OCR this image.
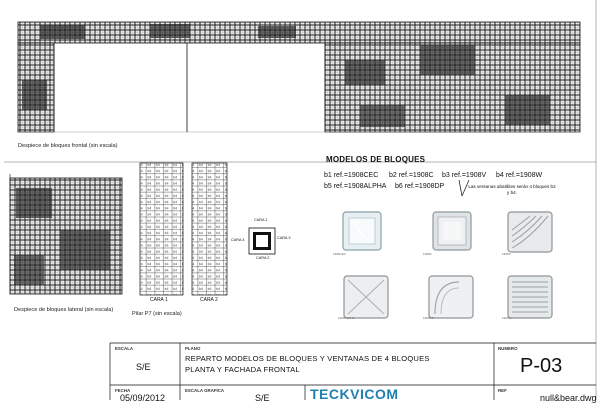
Despiece de bloques frontal (sin escala)
Despiece de bloques lateral (sin escala)
Pilar P7 (sin escala)
CARA 1	CARA 2
CARA 1
CARA 4	CARA 3
CARA 2
MODELOS DE BLOQUES
b1 ref.=1908CEC b2 ref.=1908C b3 ref.=1908V b4 ref.=1908W
b5 ref.=1908ALPHA b6 ref.=1908DP	Las ventanas abatibles serán 4 bloques b2 y b4.
1908CEC	1908C	1908V
1908ALPHA	1908DP	1908W
ESCALA
S/E
PLANO
REPARTO MODELOS DE BLOQUES Y VENTANAS DE 4 BLOQUES
PLANTA Y FACHADA FRONTAL
NUMERO
P-03
FECHA
05/09/2012
ESCALA GRAFICA
S/E	TECKVICOM	REF
null&bear.dwg
